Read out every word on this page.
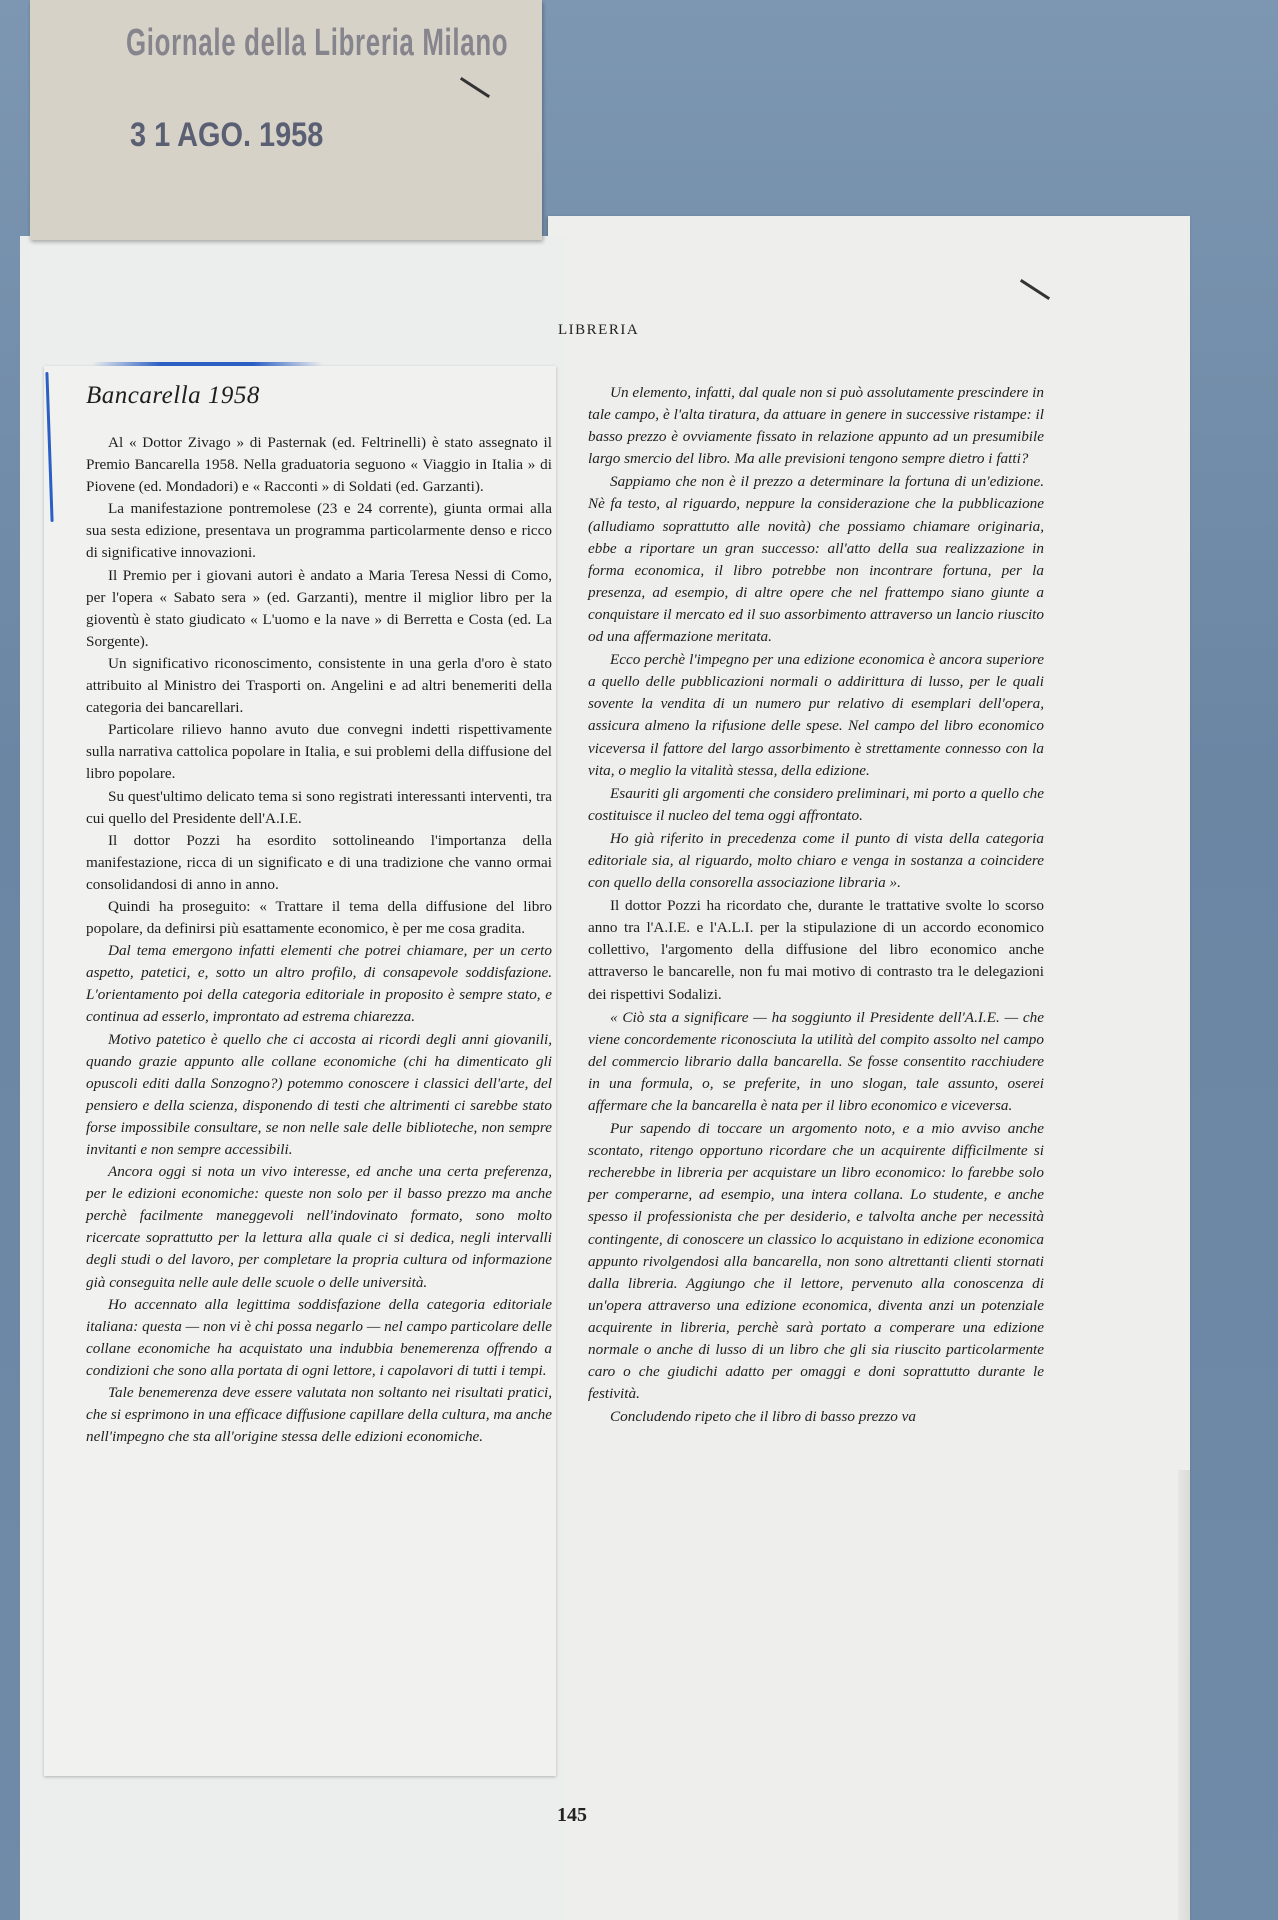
Giornale della Libreria Milano
3 1 AGO. 1958
LIBRERIA
Bancarella 1958

Al « Dottor Zivago » di Pasternak (ed. Feltrinelli) è stato assegnato il Premio Bancarella 1958. Nella graduatoria seguono « Viaggio in Italia » di Piovene (ed. Mondadori) e « Racconti » di Soldati (ed. Garzanti).

La manifestazione pontremolese (23 e 24 corrente), giunta ormai alla sua sesta edizione, presentava un programma particolarmente denso e ricco di significative innovazioni.

Il Premio per i giovani autori è andato a Maria Teresa Nessi di Como, per l'opera « Sabato sera » (ed. Garzanti), mentre il miglior libro per la gioventù è stato giudicato « L'uomo e la nave » di Berretta e Costa (ed. La Sorgente).

Un significativo riconoscimento, consistente in una gerla d'oro è stato attribuito al Ministro dei Trasporti on. Angelini e ad altri benemeriti della categoria dei bancarellari.

Particolare rilievo hanno avuto due convegni indetti rispettivamente sulla narrativa cattolica popolare in Italia, e sui problemi della diffusione del libro popolare.

Su quest'ultimo delicato tema si sono registrati interessanti interventi, tra cui quello del Presidente dell'A.I.E.

Il dottor Pozzi ha esordito sottolineando l'importanza della manifestazione, ricca di un significato e di una tradizione che vanno ormai consolidandosi di anno in anno.

Quindi ha proseguito: « Trattare il tema della diffusione del libro popolare, da definirsi più esattamente economico, è per me cosa gradita.

Dal tema emergono infatti elementi che potrei chiamare, per un certo aspetto, patetici, e, sotto un altro profilo, di consapevole soddisfazione. L'orientamento poi della categoria editoriale in proposito è sempre stato, e continua ad esserlo, improntato ad estrema chiarezza.

Motivo patetico è quello che ci accosta ai ricordi degli anni giovanili, quando grazie appunto alle collane economiche (chi ha dimenticato gli opuscoli editi dalla Sonzogno?) potemmo conoscere i classici dell'arte, del pensiero e della scienza, disponendo di testi che altrimenti ci sarebbe stato forse impossibile consultare, se non nelle sale delle biblioteche, non sempre invitanti e non sempre accessibili.

Ancora oggi si nota un vivo interesse, ed anche una certa preferenza, per le edizioni economiche: queste non solo per il basso prezzo ma anche perchè facilmente maneggevoli nell'indovinato formato, sono molto ricercate soprattutto per la lettura alla quale ci si dedica, negli intervalli degli studi o del lavoro, per completare la propria cultura od informazione già conseguita nelle aule delle scuole o delle università.

Ho accennato alla legittima soddisfazione della categoria editoriale italiana: questa — non vi è chi possa negarlo — nel campo particolare delle collane economiche ha acquistato una indubbia benemerenza offrendo a condizioni che sono alla portata di ogni lettore, i capolavori di tutti i tempi.

Tale benemerenza deve essere valutata non soltanto nei risultati pratici, che si esprimono in una efficace diffusione capillare della cultura, ma anche nell'impegno che sta all'origine stessa delle edizioni economiche.

Un elemento, infatti, dal quale non si può assolutamente prescindere in tale campo, è l'alta tiratura, da attuare in genere in successive ristampe: il basso prezzo è ovviamente fissato in relazione appunto ad un presumibile largo smercio del libro. Ma alle previsioni tengono sempre dietro i fatti?

Sappiamo che non è il prezzo a determinare la fortuna di un'edizione. Nè fa testo, al riguardo, neppure la considerazione che la pubblicazione (alludiamo soprattutto alle novità) che possiamo chiamare originaria, ebbe a riportare un gran successo: all'atto della sua realizzazione in forma economica, il libro potrebbe non incontrare fortuna, per la presenza, ad esempio, di altre opere che nel frattempo siano giunte a conquistare il mercato ed il suo assorbimento attraverso un lancio riuscito od una affermazione meritata.

Ecco perchè l'impegno per una edizione economica è ancora superiore a quello delle pubblicazioni normali o addirittura di lusso, per le quali sovente la vendita di un numero pur relativo di esemplari dell'opera, assicura almeno la rifusione delle spese. Nel campo del libro economico viceversa il fattore del largo assorbimento è strettamente connesso con la vita, o meglio la vitalità stessa, della edizione.

Esauriti gli argomenti che considero preliminari, mi porto a quello che costituisce il nucleo del tema oggi affrontato.

Ho già riferito in precedenza come il punto di vista della categoria editoriale sia, al riguardo, molto chiaro e venga in sostanza a coincidere con quello della consorella associazione libraria ».

Il dottor Pozzi ha ricordato che, durante le trattative svolte lo scorso anno tra l'A.I.E. e l'A.L.I. per la stipulazione di un accordo economico collettivo, l'argomento della diffusione del libro economico anche attraverso le bancarelle, non fu mai motivo di contrasto tra le delegazioni dei rispettivi Sodalizi.

« Ciò sta a significare — ha soggiunto il Presidente dell'A.I.E. — che viene concordemente riconosciuta la utilità del compito assolto nel campo del commercio librario dalla bancarella. Se fosse consentito racchiudere in una formula, o, se preferite, in uno slogan, tale assunto, oserei affermare che la bancarella è nata per il libro economico e viceversa.

Pur sapendo di toccare un argomento noto, e a mio avviso anche scontato, ritengo opportuno ricordare che un acquirente difficilmente si recherebbe in libreria per acquistare un libro economico: lo farebbe solo per comperarne, ad esempio, una intera collana. Lo studente, e anche spesso il professionista che per desiderio, e talvolta anche per necessità contingente, di conoscere un classico lo acquistano in edizione economica appunto rivolgendosi alla bancarella, non sono altrettanti clienti stornati dalla libreria. Aggiungo che il lettore, pervenuto alla conoscenza di un'opera attraverso una edizione economica, diventa anzi un potenziale acquirente in libreria, perchè sarà portato a comperare una edizione normale o anche di lusso di un libro che gli sia riuscito particolarmente caro o che giudichi adatto per omaggi e doni soprattutto durante le festività.

Concludendo ripeto che il libro di basso prezzo va

145
